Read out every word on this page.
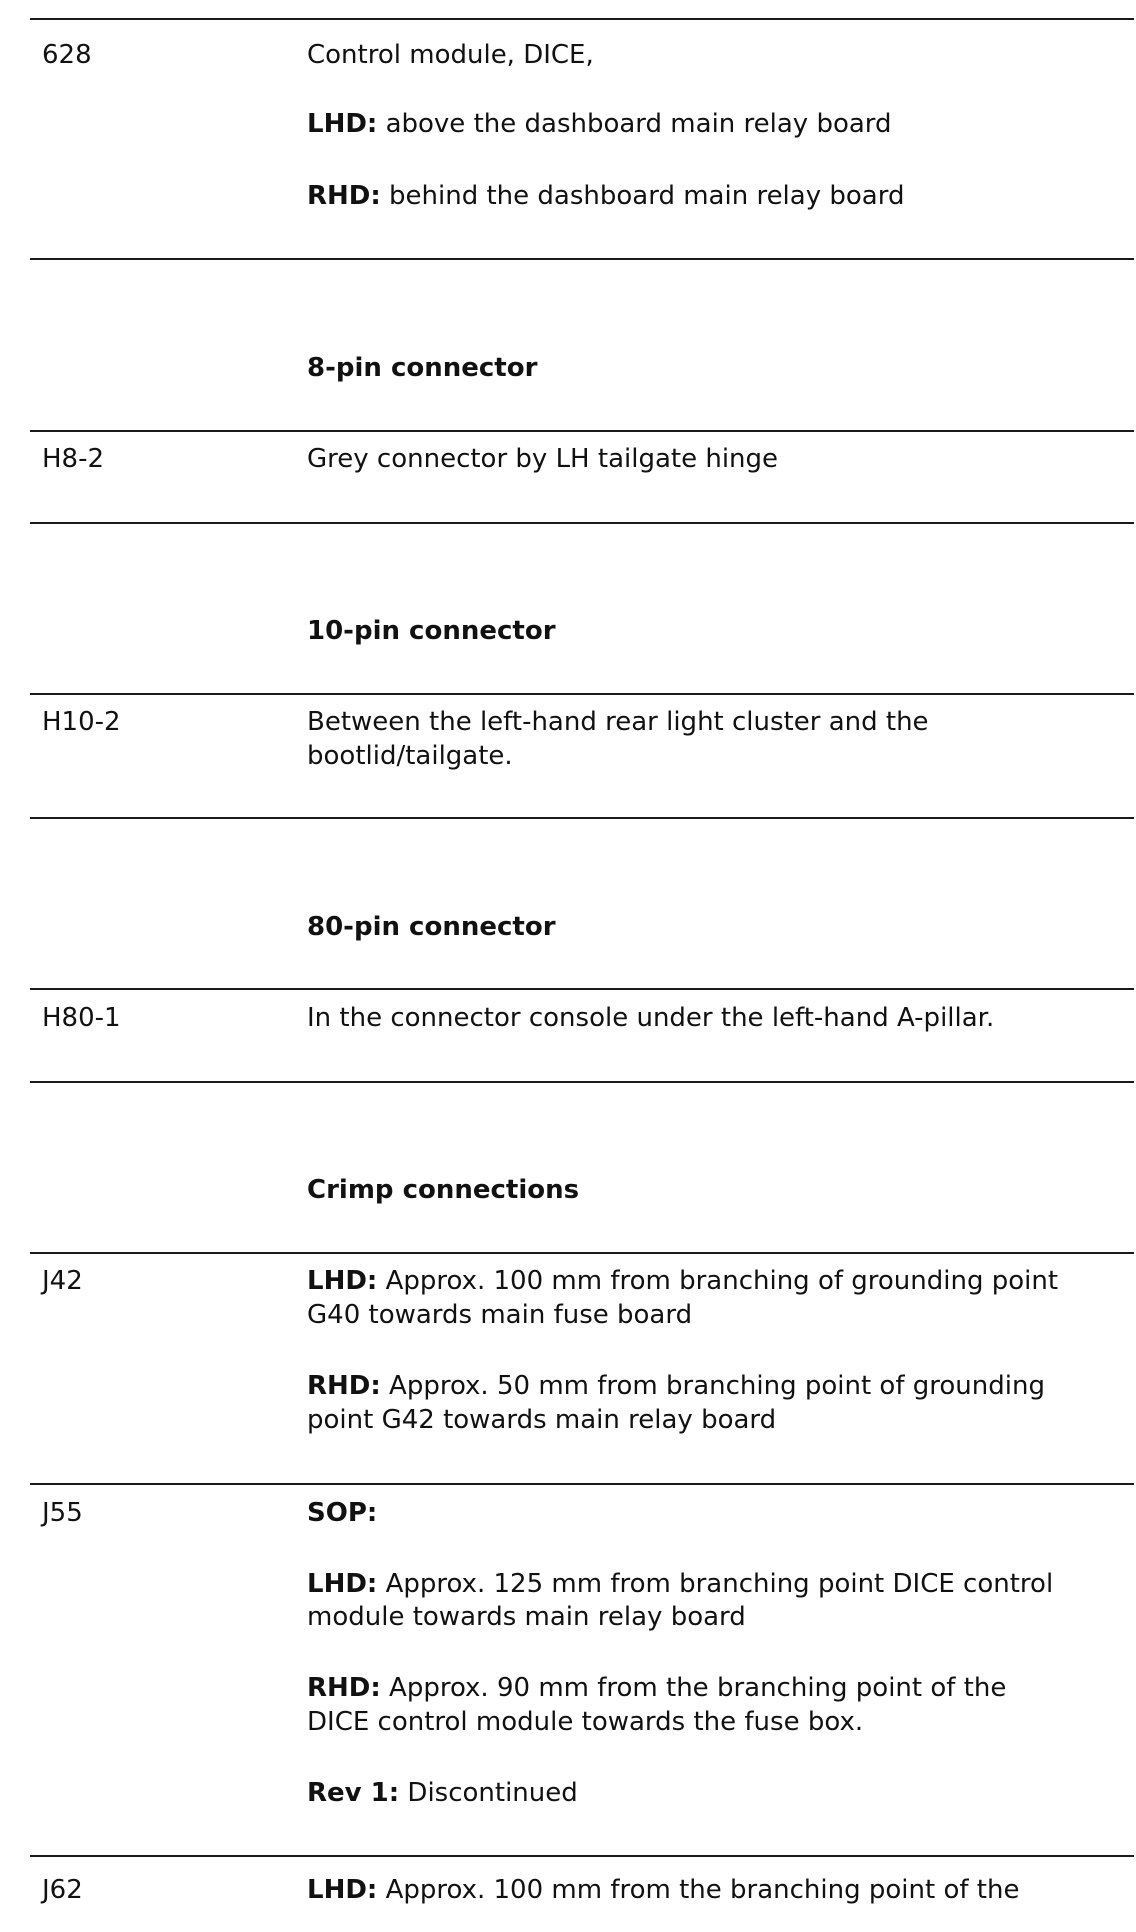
628	Control module, DICE,
LHD: above the dashboard main relay board
RHD: behind the dashboard main relay board
8-pin connector
H8-2	Grey connector by LH tailgate hinge
10-pin connector
H10-2	Between the left-hand rear light cluster and the
bootlid/tailgate.
80-pin connector
H80-1	In the connector console under the left-hand A-pillar.
Crimp connections
J42	LHD: Approx. 100 mm from branching of grounding point
G40 towards main fuse board
RHD: Approx. 50 mm from branching point of grounding
point G42 towards main relay board
J55	SOP:
LHD: Approx. 125 mm from branching point DICE control
module towards main relay board
RHD: Approx. 90 mm from the branching point of the
DICE control module towards the fuse box.
Rev 1: Discontinued
J62	LHD: Approx. 100 mm from the branching point of the
